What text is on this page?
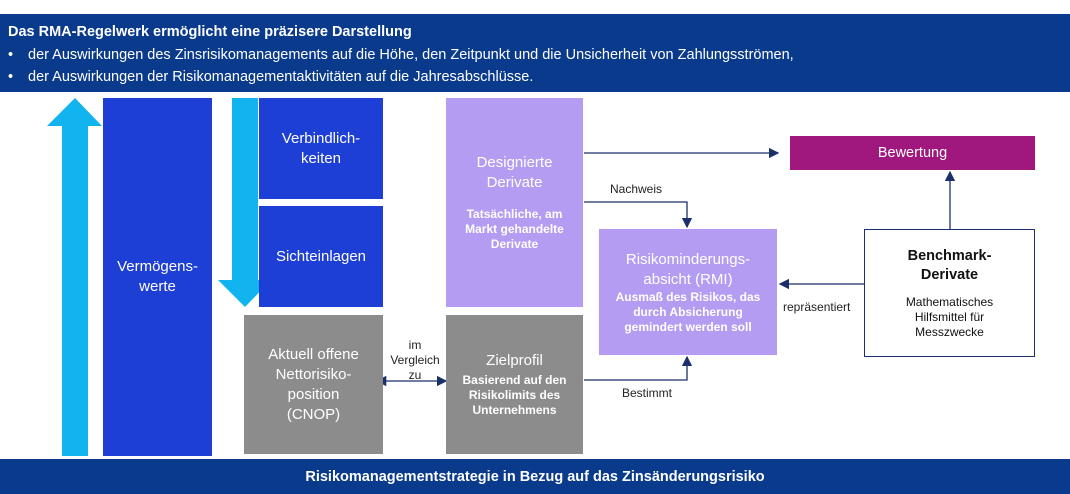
Das RMA-Regelwerk ermöglicht eine präzisere Darstellung
• der Auswirkungen des Zinsrisikomanagements auf die Höhe, den Zeitpunkt und die Unsicherheit von Zahlungsströmen,
• der Auswirkungen der Risikomanagementaktivitäten auf die Jahresabschlüsse.
Vermögens-
werte
Verbindlich-
keiten
Sichteinlagen
Aktuell offene
Nettorisiko-
position
(CNOP)
Designierte
Derivate
Tatsächliche, am
Markt gehandelte
Derivate
Zielprofil
Basierend auf den
Risikolimits des
Unternehmens
Risikominderungs-
absicht (RMI)
Ausmaß des Risikos, das
durch Absicherung
gemindert werden soll
Bewertung
Benchmark-
Derivate
Mathematisches
Hilfsmittel für
Messzwecke
im
Vergleich
zu
Nachweis
Bestimmt
repräsentiert
Risikomanagementstrategie in Bezug auf das Zinsänderungsrisiko
